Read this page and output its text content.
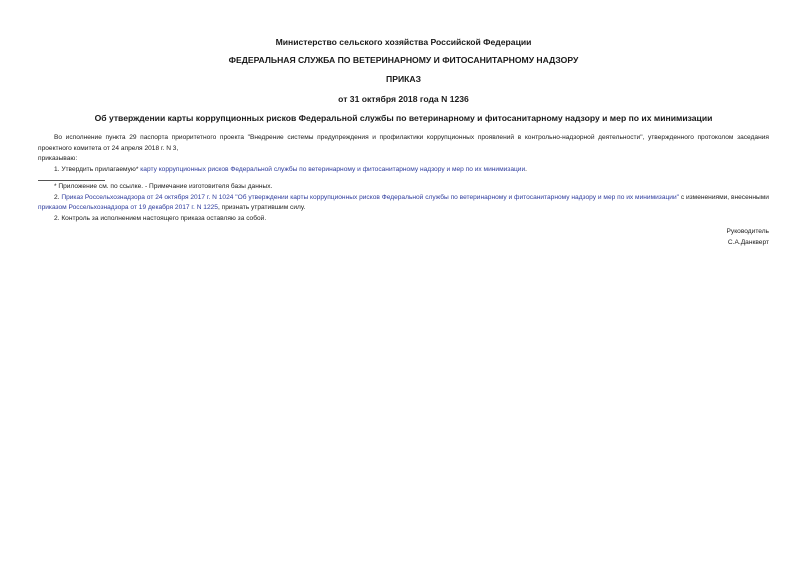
Министерство сельского хозяйства Российской Федерации
ФЕДЕРАЛЬНАЯ СЛУЖБА ПО ВЕТЕРИНАРНОМУ И ФИТОСАНИТАРНОМУ НАДЗОРУ
ПРИКАЗ
от 31 октября 2018 года N 1236
Об утверждении карты коррупционных рисков Федеральной службы по ветеринарному и фитосанитарному надзору и мер по их минимизации

Во исполнение пункта 29 паспорта приоритетного проекта "Внедрение системы предупреждения и профилактики коррупционных проявлений в контрольно-надзорной деятельности", утвержденного протоколом заседания проектного комитета от 24 апреля 2018 г. N 3,

приказываю:

1. Утвердить прилагаемую* карту коррупционных рисков Федеральной службы по ветеринарному и фитосанитарному надзору и мер по их минимизации.

* Приложение см. по ссылке. - Примечание изготовителя базы данных.

2. Приказ Россельхознадзора от 24 октября 2017 г. N 1024 "Об утверждении карты коррупционных рисков Федеральной службы по ветеринарному и фитосанитарному надзору и мер по их минимизации" с изменениями, внесенными приказом Россельхознадзора от 19 декабря 2017 г. N 1225, признать утратившим силу.

2. Контроль за исполнением настоящего приказа оставляю за собой.

Руководитель
С.А.Данкверт
